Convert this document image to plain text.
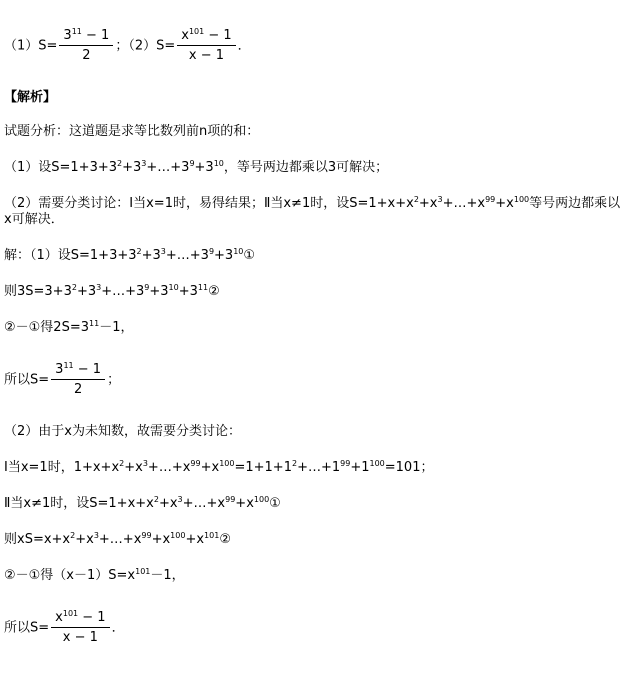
$(1)S= \frac{3^{11} - 1}{2}$ ；$(2)S= \frac{x^{101} - 1}{x - 1}$ ．
【解析】
试题分析：这道题是求等比数列前n项的和：
（1）设$S=1+3+3^2+3^3+\dots+3^9+3^{10}$，等号两边都乘以3可解决；
（2）需要分类讨论：Ⅰ当x=1时，易得结果；Ⅱ当x≠1时，设$S=1+x+x^2+x^3+\dots+x^{99}+x^{100}$等号两边都乘以x可解决．
解：（1）设$S=1+3+3^2+3^3+\dots+3^9+3^{10}①$
则$3S=3+3^2+3^3+\dots+3^9+3^{10}+3^{11}②$
②－①得$2S=3^{11}-1$，
所以$S= \frac{3^{11} - 1}{2}$ ；
（2）由于x为未知数，故需要分类讨论：
Ⅰ当x=1时，$1+x+x^2+x^3+\dots+x^{99}+x^{100}=1+1+1^2+\dots+1^{99}+1^{100}=101$；
Ⅱ当x≠1时，设$S=1+x+x^2+x^3+\dots+x^{99}+x^{100}①$
则$xS=x+x^2+x^3+\dots+x^{99}+x^{100}+x^{101}②$
②－①得$(x-1)S=x^{101}-1$，
所以$S= \frac{x^{101} - 1}{x - 1}$ ．
